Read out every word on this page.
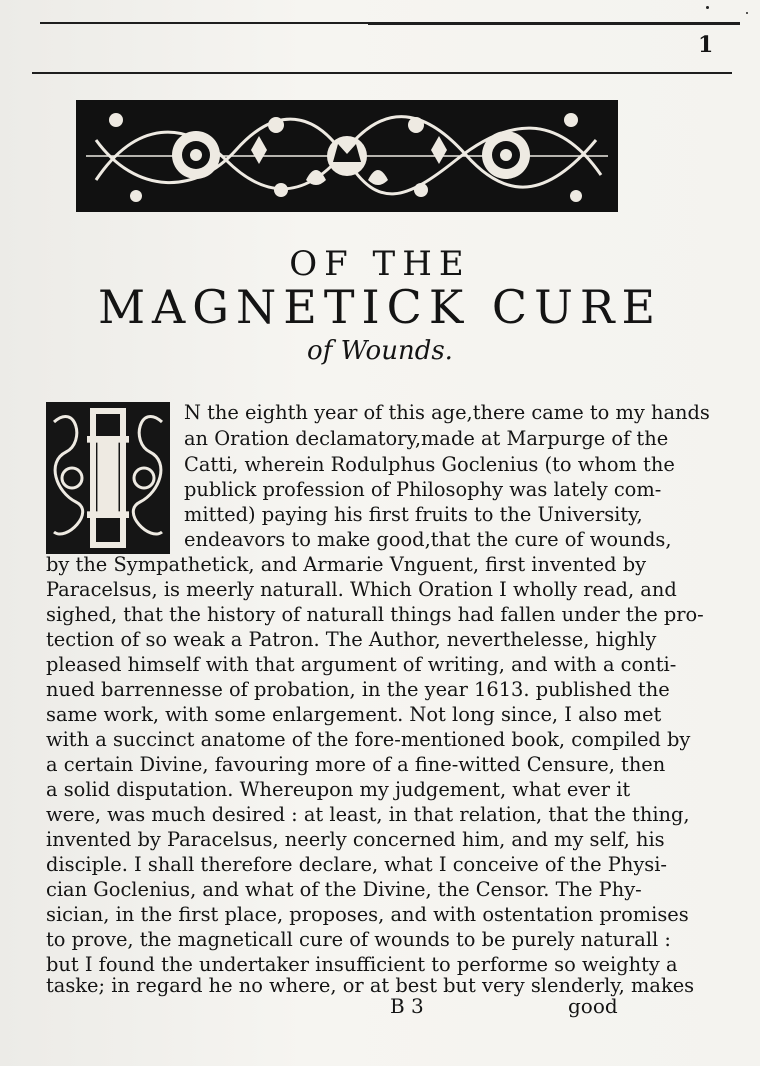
1
OF THE
MAGNETICK CURE
of Wounds.
I
N the eighth year of this age,there came to my hands
an Oration declamatory,made at Marpurge of the
Catti, wherein Rodulphus Goclenius (to whom the
publick profession of Philosophy was lately com-
mitted) paying his first fruits to the University,
endeavors to make good,that the cure of wounds,
by the Sympathetick, and Armarie Vnguent, first invented by
Paracelsus, is meerly naturall. Which Oration I wholly read, and
sighed, that the history of naturall things had fallen under the pro-
tection of so weak a Patron. The Author, neverthelesse, highly
pleased himself with that argument of writing, and with a conti-
nued barrennesse of probation, in the year 1613. published the
same work, with some enlargement. Not long since, I also met
with a succinct anatome of the fore-mentioned book, compiled by
a certain Divine, favouring more of a fine-witted Censure, then
a solid disputation. Whereupon my judgement, what ever it
were, was much desired : at least, in that relation, that the thing,
invented by Paracelsus, neerly concerned him, and my self, his
disciple. I shall therefore declare, what I conceive of the Physi-
cian Goclenius, and what of the Divine, the Censor. The Phy-
sician, in the first place, proposes, and with ostentation promises
to prove, the magneticall cure of wounds to be purely naturall :
but I found the undertaker insufficient to performe so weighty a
taske; in regard he no where, or at best but very slenderly, makes
B 3	good
